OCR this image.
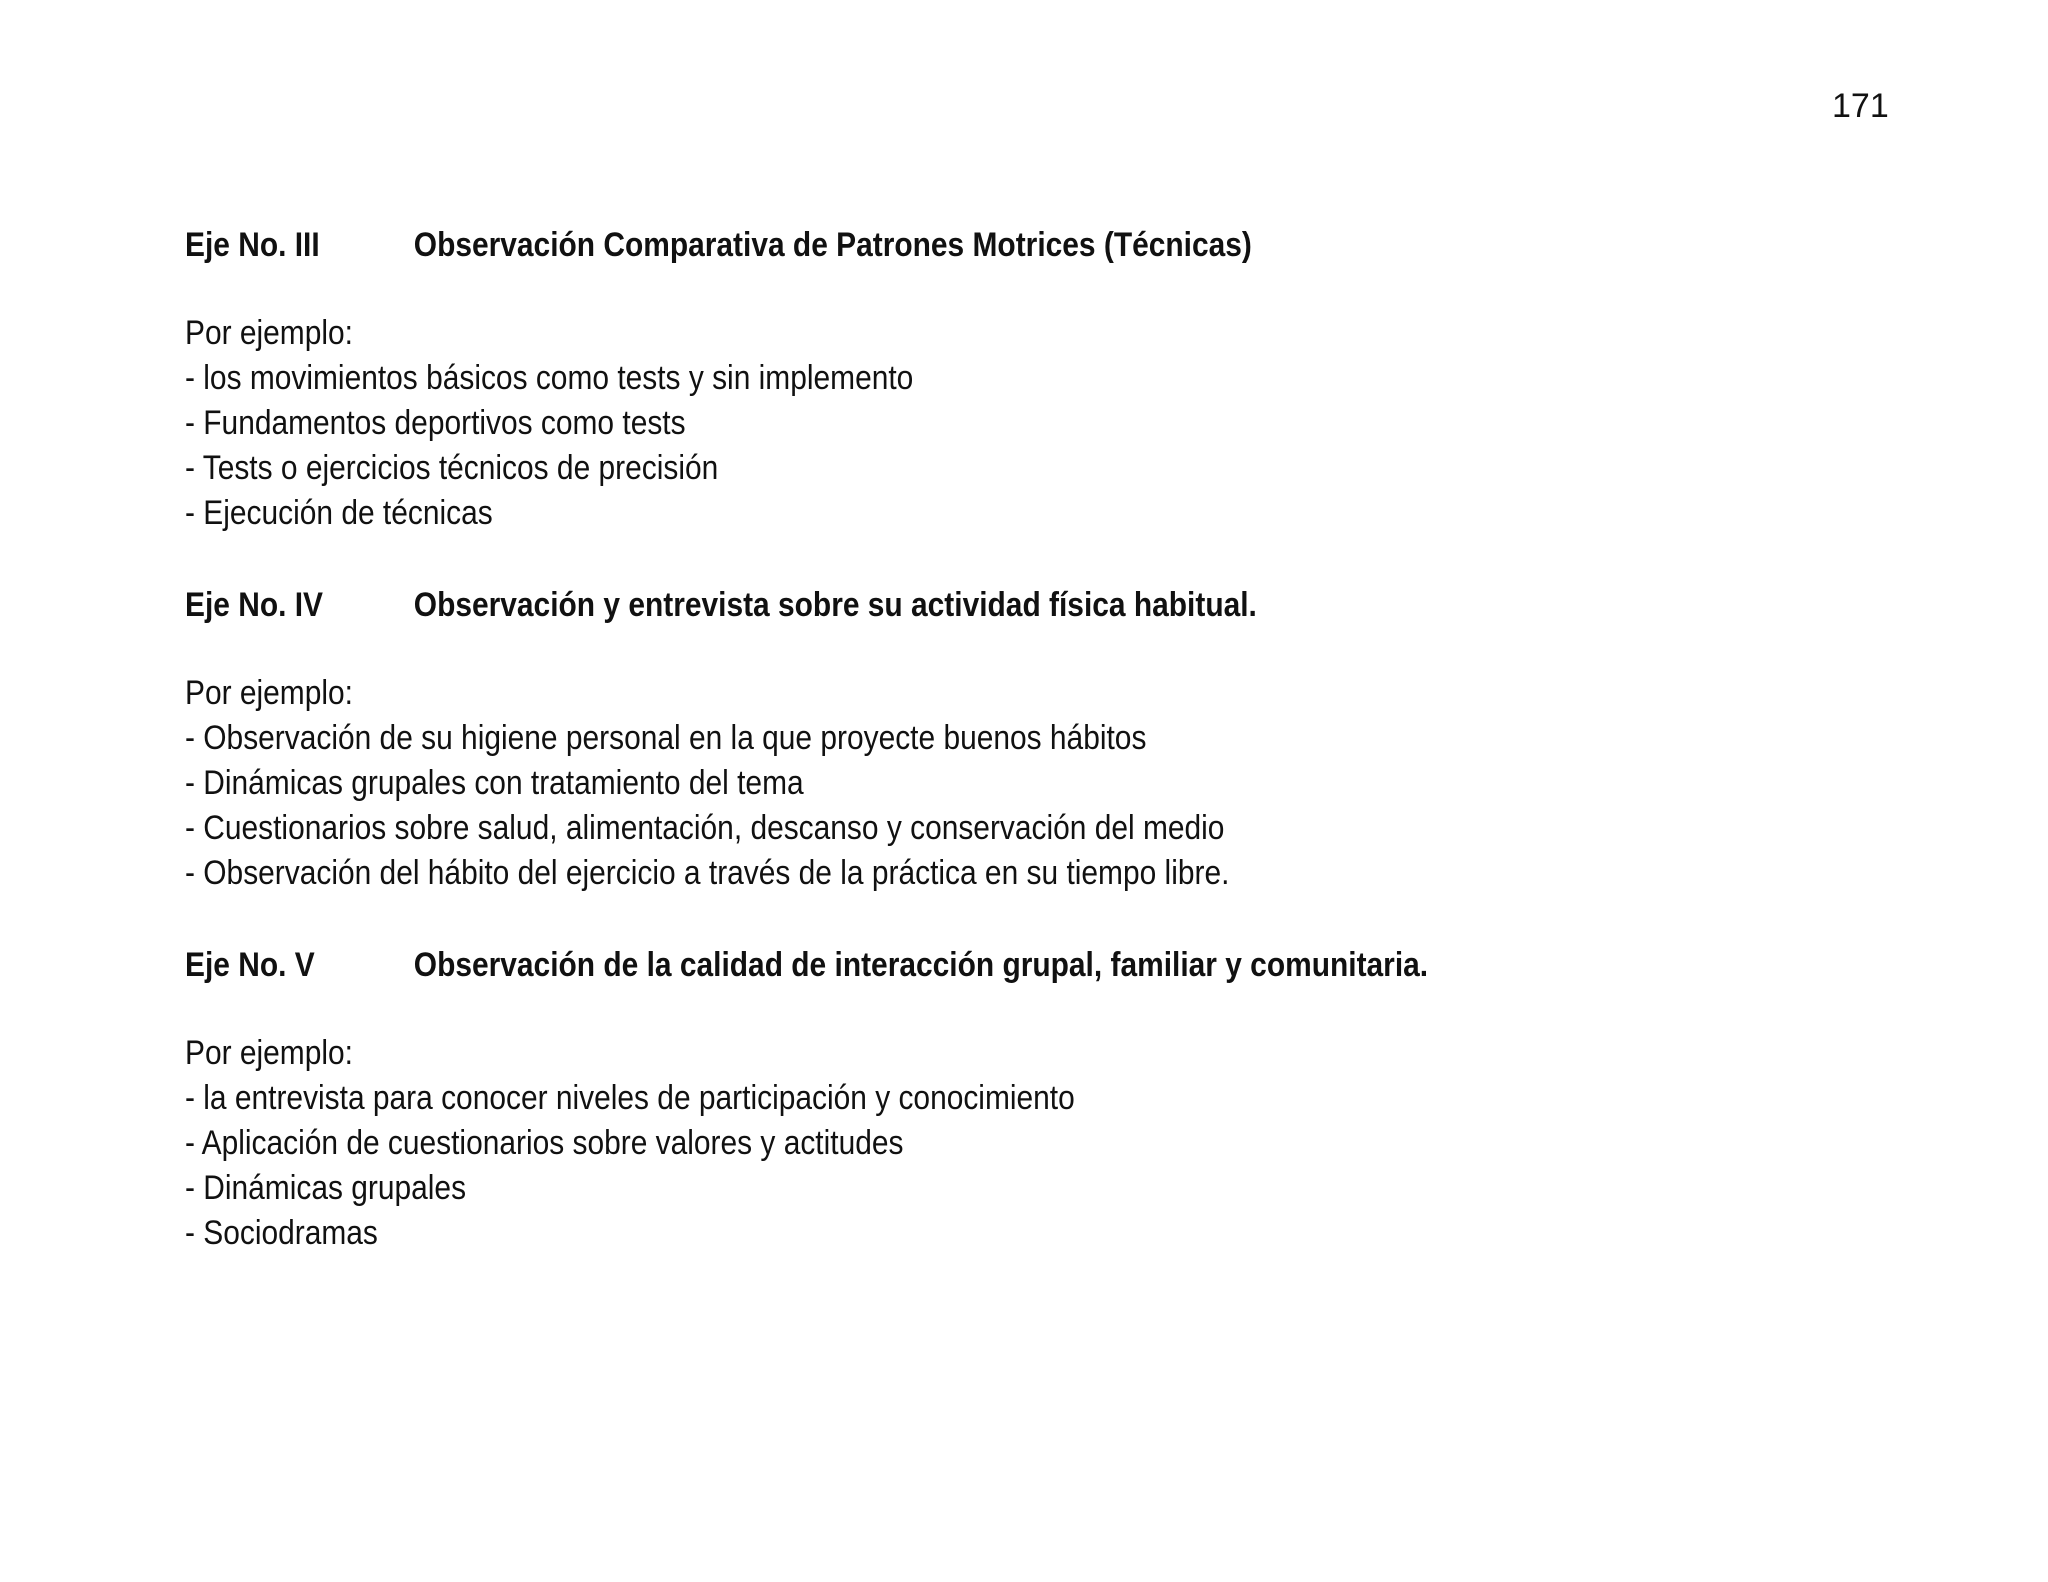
171
Eje No. III	Observación Comparativa de Patrones Motrices (Técnicas)
Por ejemplo:
- los movimientos básicos como tests y sin implemento
- Fundamentos deportivos como tests
- Tests o ejercicios técnicos de precisión
- Ejecución de técnicas
Eje No. IV	Observación y entrevista sobre su actividad física habitual.
Por ejemplo:
- Observación de su higiene personal en la que proyecte buenos hábitos
- Dinámicas grupales con tratamiento del tema
- Cuestionarios sobre salud, alimentación, descanso y conservación del medio
- Observación del hábito del ejercicio a través de la práctica en su tiempo libre.
Eje No. V	Observación de la calidad de interacción grupal, familiar y comunitaria.
Por ejemplo:
- la entrevista para conocer niveles de participación y conocimiento
- Aplicación de cuestionarios sobre valores y actitudes
- Dinámicas grupales
- Sociodramas
